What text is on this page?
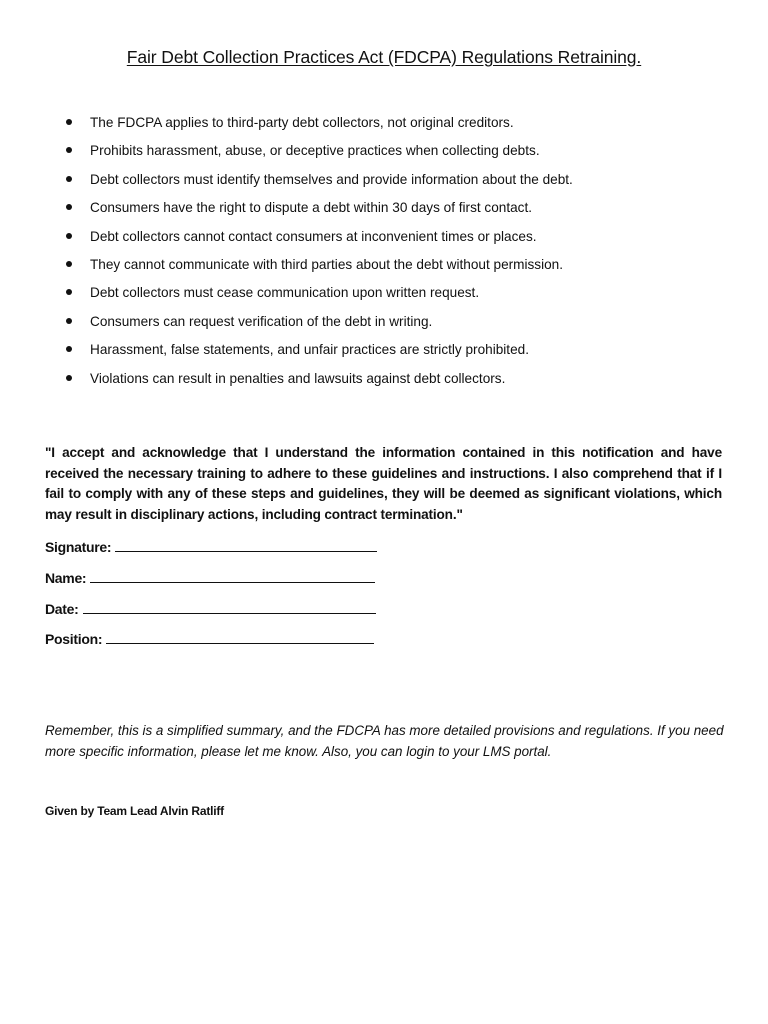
Fair Debt Collection Practices Act (FDCPA) Regulations Retraining.
The FDCPA applies to third-party debt collectors, not original creditors.
Prohibits harassment, abuse, or deceptive practices when collecting debts.
Debt collectors must identify themselves and provide information about the debt.
Consumers have the right to dispute a debt within 30 days of first contact.
Debt collectors cannot contact consumers at inconvenient times or places.
They cannot communicate with third parties about the debt without permission.
Debt collectors must cease communication upon written request.
Consumers can request verification of the debt in writing.
Harassment, false statements, and unfair practices are strictly prohibited.
Violations can result in penalties and lawsuits against debt collectors.
"I accept and acknowledge that I understand the information contained in this notification and have received the necessary training to adhere to these guidelines and instructions. I also comprehend that if I fail to comply with any of these steps and guidelines, they will be deemed as significant violations, which may result in disciplinary actions, including contract termination."
Signature:
Name:
Date:
Position:
Remember, this is a simplified summary, and the FDCPA has more detailed provisions and regulations. If you need more specific information, please let me know. Also, you can login to your LMS portal.
Given by Team Lead Alvin Ratliff
